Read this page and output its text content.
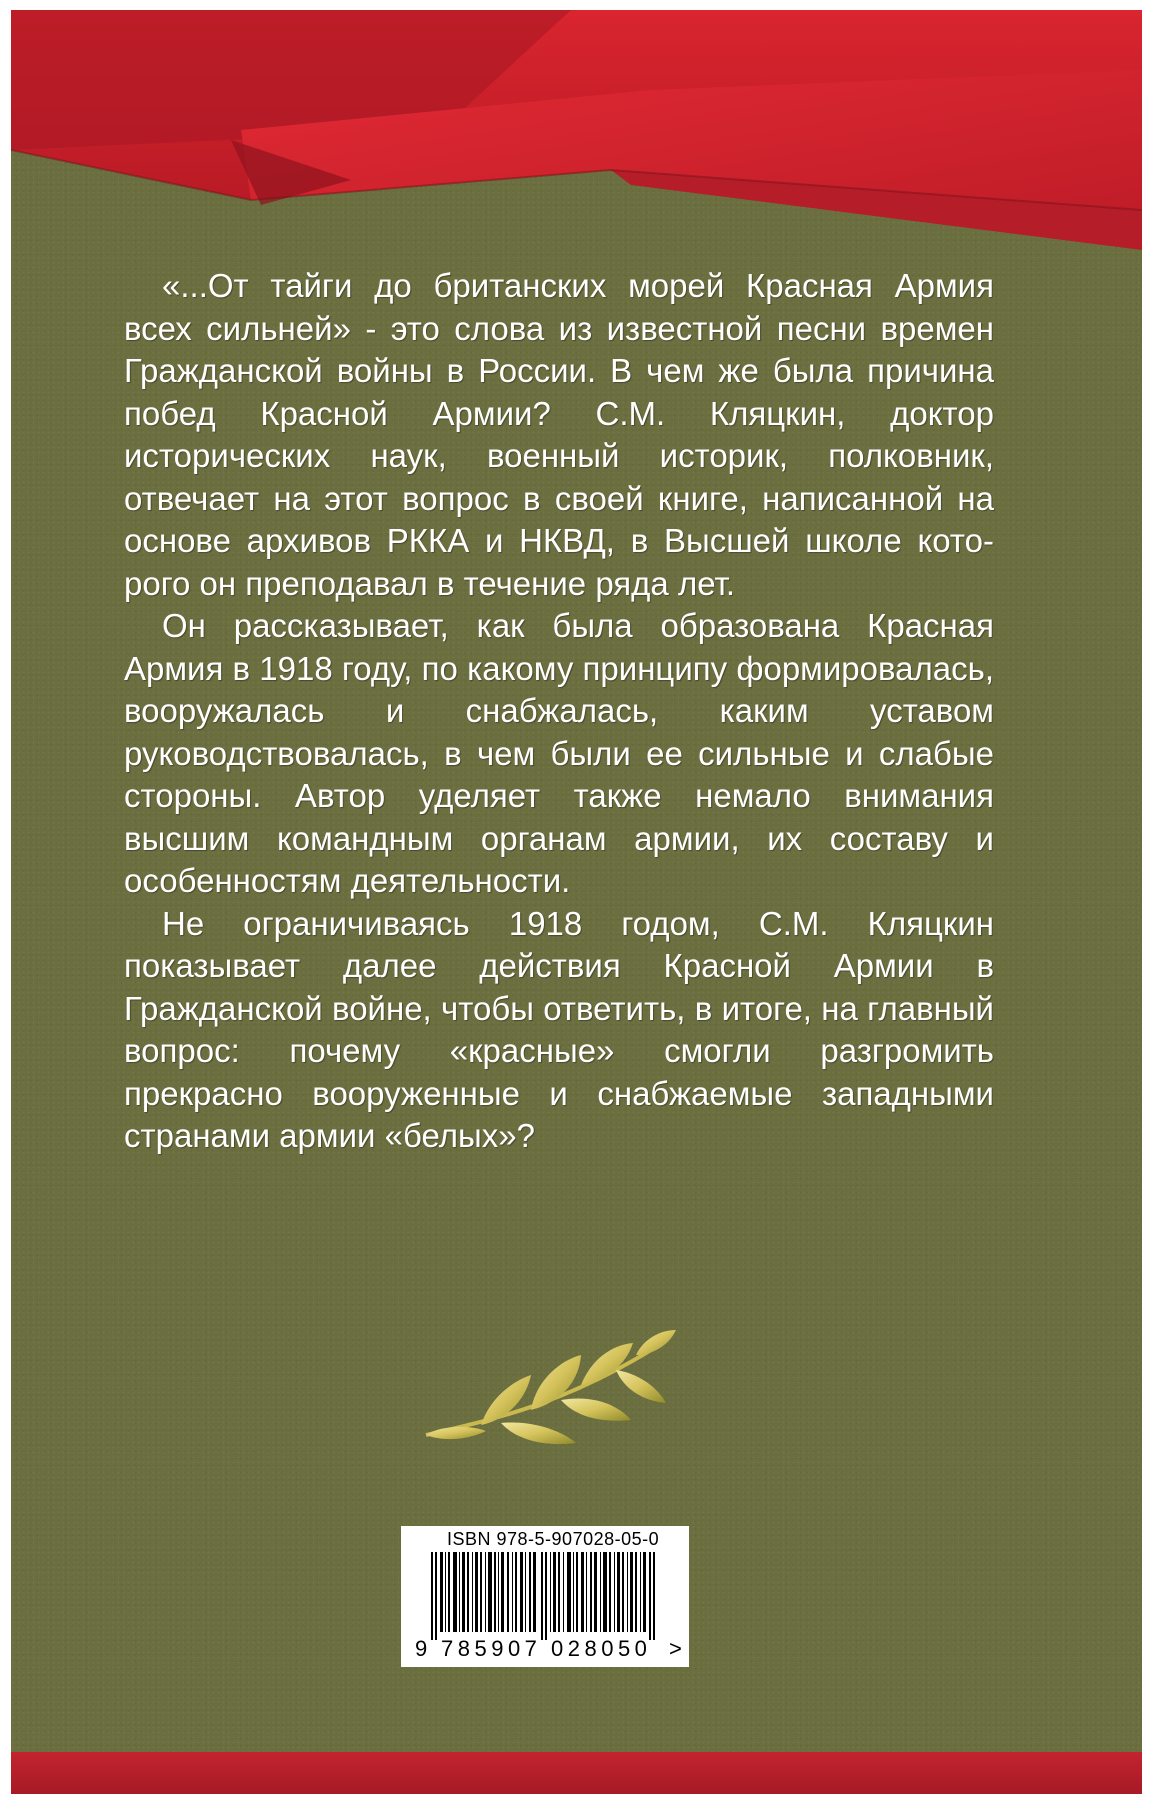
«...От тайги до британских морей Красная Армия всех сильней» - это слова из известной песни времен Гражданской войны в России. В чем же была причина побед Красной Армии? С.М. Кляцкин, доктор исторических наук, военный историк, полковник, отвечает на этот вопрос в своей книге, написанной на основе архивов РККА и НКВД, в Высшей школе которого он преподавал в течение ряда лет.

Он рассказывает, как была образована Красная Армия в 1918 году, по какому принципу формировалась, вооружалась и снабжалась, каким уставом руководствовалась, в чем были ее сильные и слабые стороны. Автор уделяет также немало внимания высшим командным органам армии, их составу и особенностям деятельности.

Не ограничиваясь 1918 годом, С.М. Кляцкин показывает далее действия Красной Армии в Гражданской войне, чтобы ответить, в итоге, на главный вопрос: почему «красные» смогли разгромить прекрасно вооруженные и снабжаемые западными странами армии «белых»?

ISBN 978-5-907028-05-0
9 785907 028050 >
